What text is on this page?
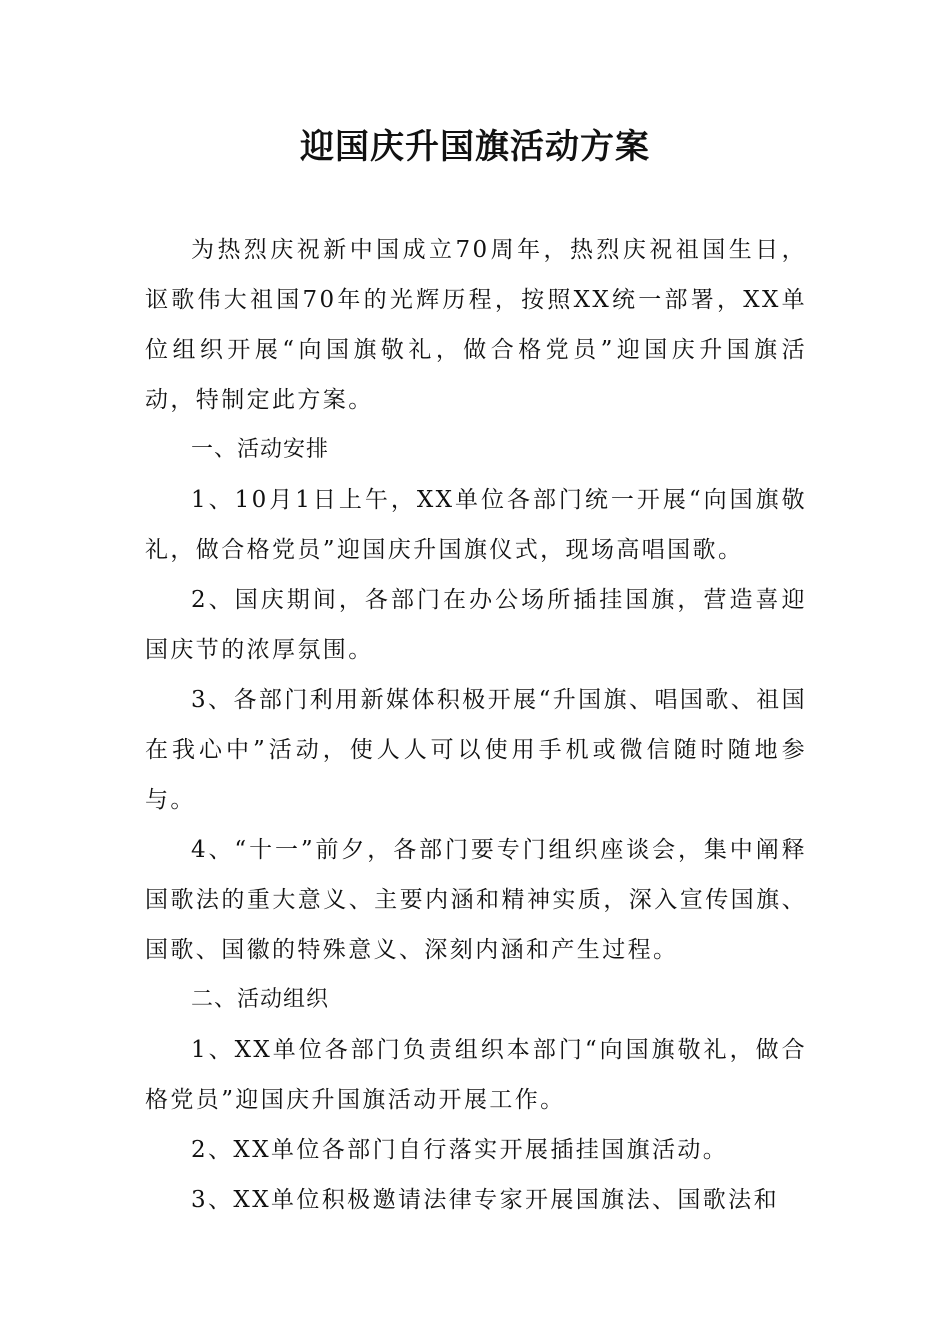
迎国庆升国旗活动方案

为热烈庆祝新中国成立70周年，热烈庆祝祖国生日，讴歌伟大祖国70年的光辉历程，按照XX统一部署，XX单位组织开展“向国旗敬礼，做合格党员”迎国庆升国旗活动，特制定此方案。

一、活动安排

1、10月1日上午，XX单位各部门统一开展“向国旗敬礼，做合格党员”迎国庆升国旗仪式，现场高唱国歌。

2、国庆期间，各部门在办公场所插挂国旗，营造喜迎国庆节的浓厚氛围。

3、各部门利用新媒体积极开展“升国旗、唱国歌、祖国在我心中”活动，使人人可以使用手机或微信随时随地参与。

4、“十一”前夕，各部门要专门组织座谈会，集中阐释国歌法的重大意义、主要内涵和精神实质，深入宣传国旗、国歌、国徽的特殊意义、深刻内涵和产生过程。

二、活动组织

1、XX单位各部门负责组织本部门“向国旗敬礼，做合格党员”迎国庆升国旗活动开展工作。

2、XX单位各部门自行落实开展插挂国旗活动。

3、XX单位积极邀请法律专家开展国旗法、国歌法和
